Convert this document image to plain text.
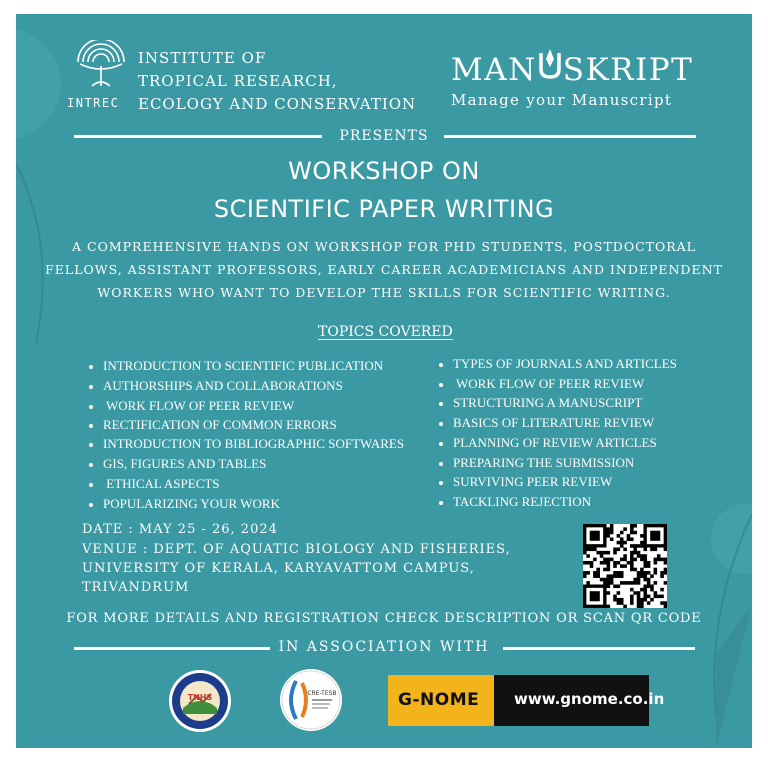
INTREC
INSTITUTE OF
TROPICAL RESEARCH,
ECOLOGY AND CONSERVATION
MAN SKRIPT
Manage your Manuscript
PRESENTS
WORKSHOP ON
SCIENTIFIC PAPER WRITING
A COMPREHENSIVE HANDS ON WORKSHOP FOR PHD STUDENTS, POSTDOCTORAL
FELLOWS, ASSISTANT PROFESSORS, EARLY CAREER ACADEMICIANS AND INDEPENDENT
WORKERS WHO WANT TO DEVELOP THE SKILLS FOR SCIENTIFIC WRITING.
TOPICS COVERED
INTRODUCTION TO SCIENTIFIC PUBLICATION
AUTHORSHIPS AND COLLABORATIONS
WORK FLOW OF PEER REVIEW
RECTIFICATION OF COMMON ERRORS
INTRODUCTION TO BIBLIOGRAPHIC SOFTWARES
GIS, FIGURES AND TABLES
ETHICAL ASPECTS
POPULARIZING YOUR WORK
TYPES OF JOURNALS AND ARTICLES
WORK FLOW OF PEER REVIEW
STRUCTURING A MANUSCRIPT
BASICS OF LITERATURE REVIEW
PLANNING OF REVIEW ARTICLES
PREPARING THE SUBMISSION
SURVIVING PEER REVIEW
TACKLING REJECTION
DATE : MAY 25 - 26, 2024
VENUE : DEPT. OF AQUATIC BIOLOGY AND FISHERIES,
UNIVERSITY OF KERALA, KARYAVATTOM CAMPUS,
TRIVANDRUM
FOR MORE DETAILS AND REGISTRATION CHECK DESCRIPTION OR SCAN QR CODE
IN ASSOCIATION WITH
TNHS	CRE-TESB	G-NOME www.gnome.co.in
